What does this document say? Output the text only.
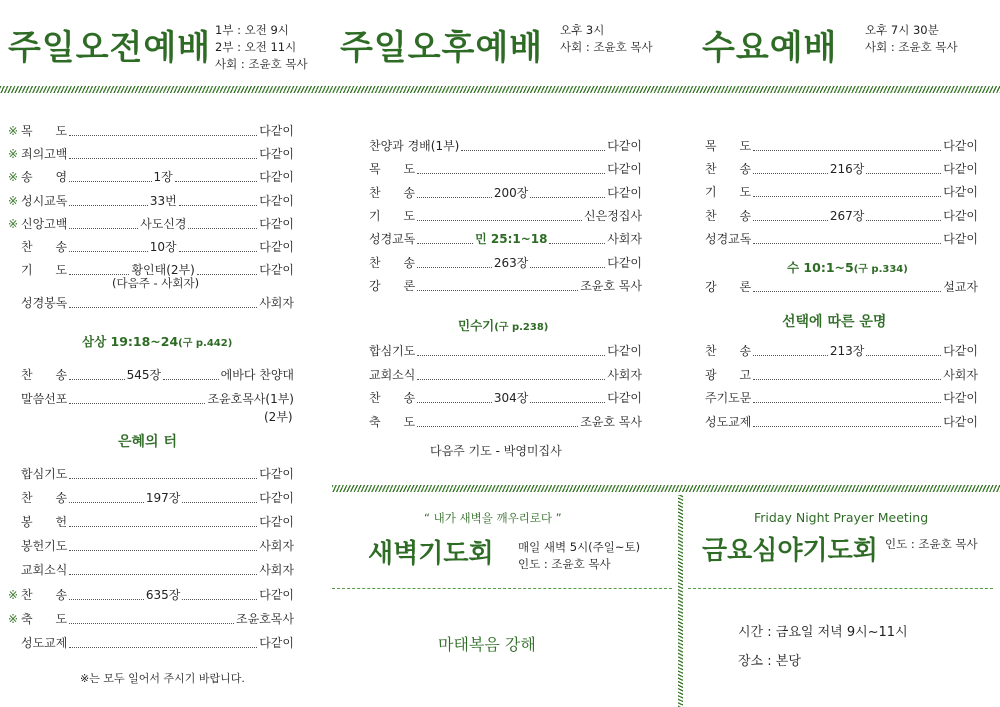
주일오전예배 1부 : 오전 9시
2부 : 오전 11시
사회 : 조윤호 목사 주일오후예배 오후 3시
사회 : 조윤호 목사 수요예배 오후 7시 30분
사회 : 조윤호 목사
※ 목      도	다같이
※ 죄의고백	다같이
※ 송      영	1장	다같이
※ 성시교독	33번	다같이
※ 신앙고백	사도신경	다같이
찬      송	10장	다같이
기      도	황인태(2부)	다같이
(다음주 - 사회자)
성경봉독	사회자
삼상 19:18~24(구 p.442)
찬      송	545장	에바다 찬양대
말씀선포	조윤호목사(1부)
(2부)
은혜의 터
합심기도	다같이
찬      송	197장	다같이
봉      헌	다같이
봉헌기도	사회자
교회소식	사회자
※ 찬      송	635장	다같이
※ 축      도	조윤호목사
성도교제	다같이
※는 모두 일어서 주시기 바랍니다.
찬양과 경배(1부)	다같이
목      도	다같이
찬      송	200장	다같이
기      도	신은정집사
성경교독	민 25:1~18	사회자
찬      송	263장	다같이
강      론	조윤호 목사
민수기(구 p.238)
합심기도	다같이
교회소식	사회자
찬      송	304장	다같이
축      도	조윤호 목사
다음주 기도 - 박영미집사
목      도	다같이
찬      송	216장	다같이
기      도	다같이
찬      송	267장	다같이
성경교독	다같이
수 10:1~5(구 p.334)
강      론	설교자
선택에 따른 운명
찬      송	213장	다같이
광      고	사회자
주기도문	다같이
성도교제	다같이
“ 내가 새벽을 깨우리로다 ”
새벽기도회 매일 새벽 5시(주일~토)
인도 : 조윤호 목사
마태복음 강해
Friday Night Prayer Meeting
금요심야기도회 인도 : 조윤호 목사
시간 : 금요일 저녁 9시~11시
장소 : 본당
